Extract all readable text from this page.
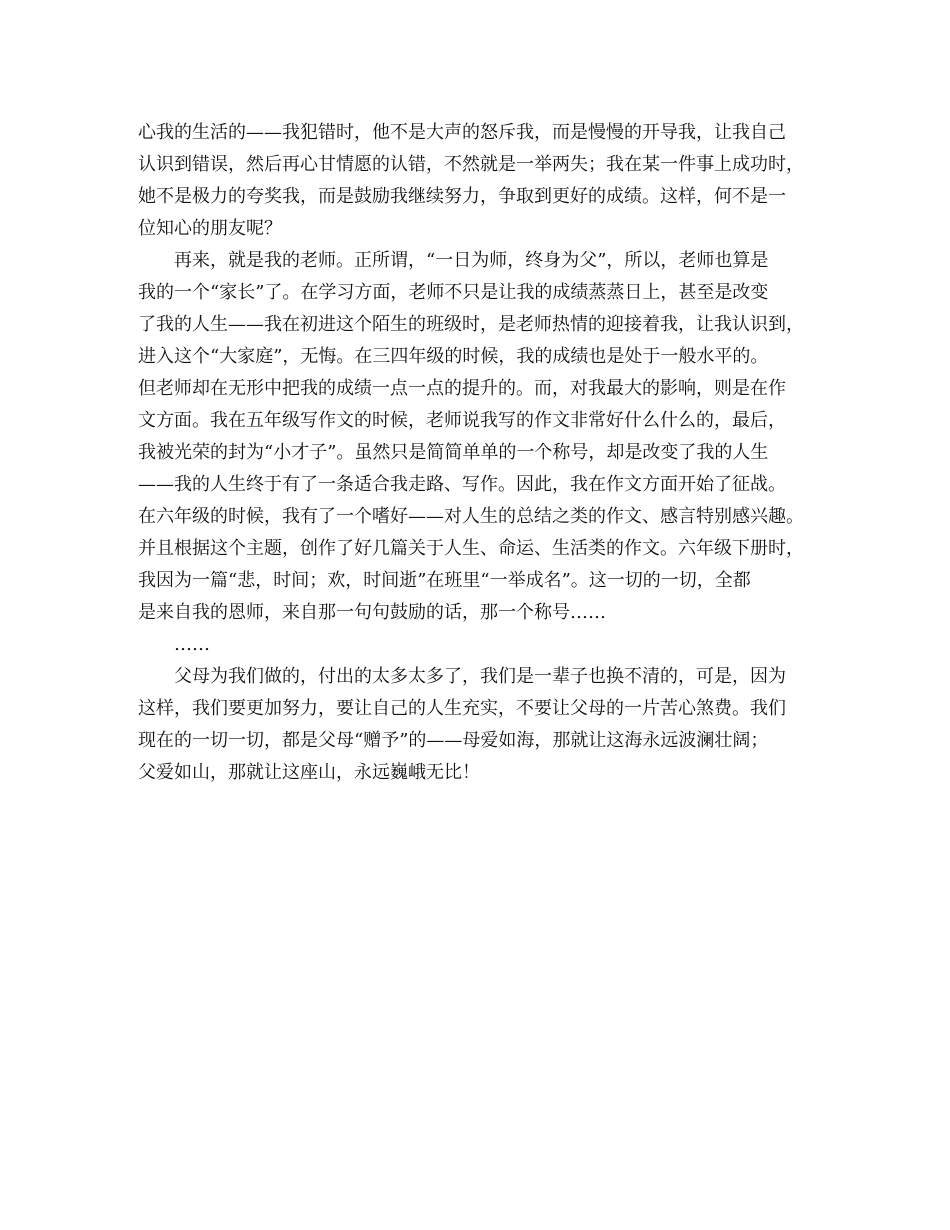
心我的生活的——我犯错时，他不是大声的怒斥我，而是慢慢的开导我，让我自己
认识到错误，然后再心甘情愿的认错，不然就是一举两失；我在某一件事上成功时，
她不是极力的夸奖我，而是鼓励我继续努力，争取到更好的成绩。这样，何不是一
位知心的朋友呢？
再来，就是我的老师。正所谓，“一日为师，终身为父”，所以，老师也算是
我的一个“家长”了。在学习方面，老师不只是让我的成绩蒸蒸日上，甚至是改变
了我的人生——我在初进这个陌生的班级时，是老师热情的迎接着我，让我认识到，
进入这个“大家庭”，无悔。在三四年级的时候，我的成绩也是处于一般水平的。
但老师却在无形中把我的成绩一点一点的提升的。而，对我最大的影响，则是在作
文方面。我在五年级写作文的时候，老师说我写的作文非常好什么什么的，最后，
我被光荣的封为“小才子”。虽然只是简简单单的一个称号，却是改变了我的人生
——我的人生终于有了一条适合我走路、写作。因此，我在作文方面开始了征战。
在六年级的时候，我有了一个嗜好——对人生的总结之类的作文、感言特别感兴趣。
并且根据这个主题，创作了好几篇关于人生、命运、生活类的作文。六年级下册时，
我因为一篇“悲，时间；欢，时间逝”在班里“一举成名”。这一切的一切，全都
是来自我的恩师，来自那一句句鼓励的话，那一个称号……
……
父母为我们做的，付出的太多太多了，我们是一辈子也换不清的，可是，因为
这样，我们要更加努力，要让自己的人生充实，不要让父母的一片苦心煞费。我们
现在的一切一切，都是父母“赠予”的——母爱如海，那就让这海永远波澜壮阔；
父爱如山，那就让这座山，永远巍峨无比！
